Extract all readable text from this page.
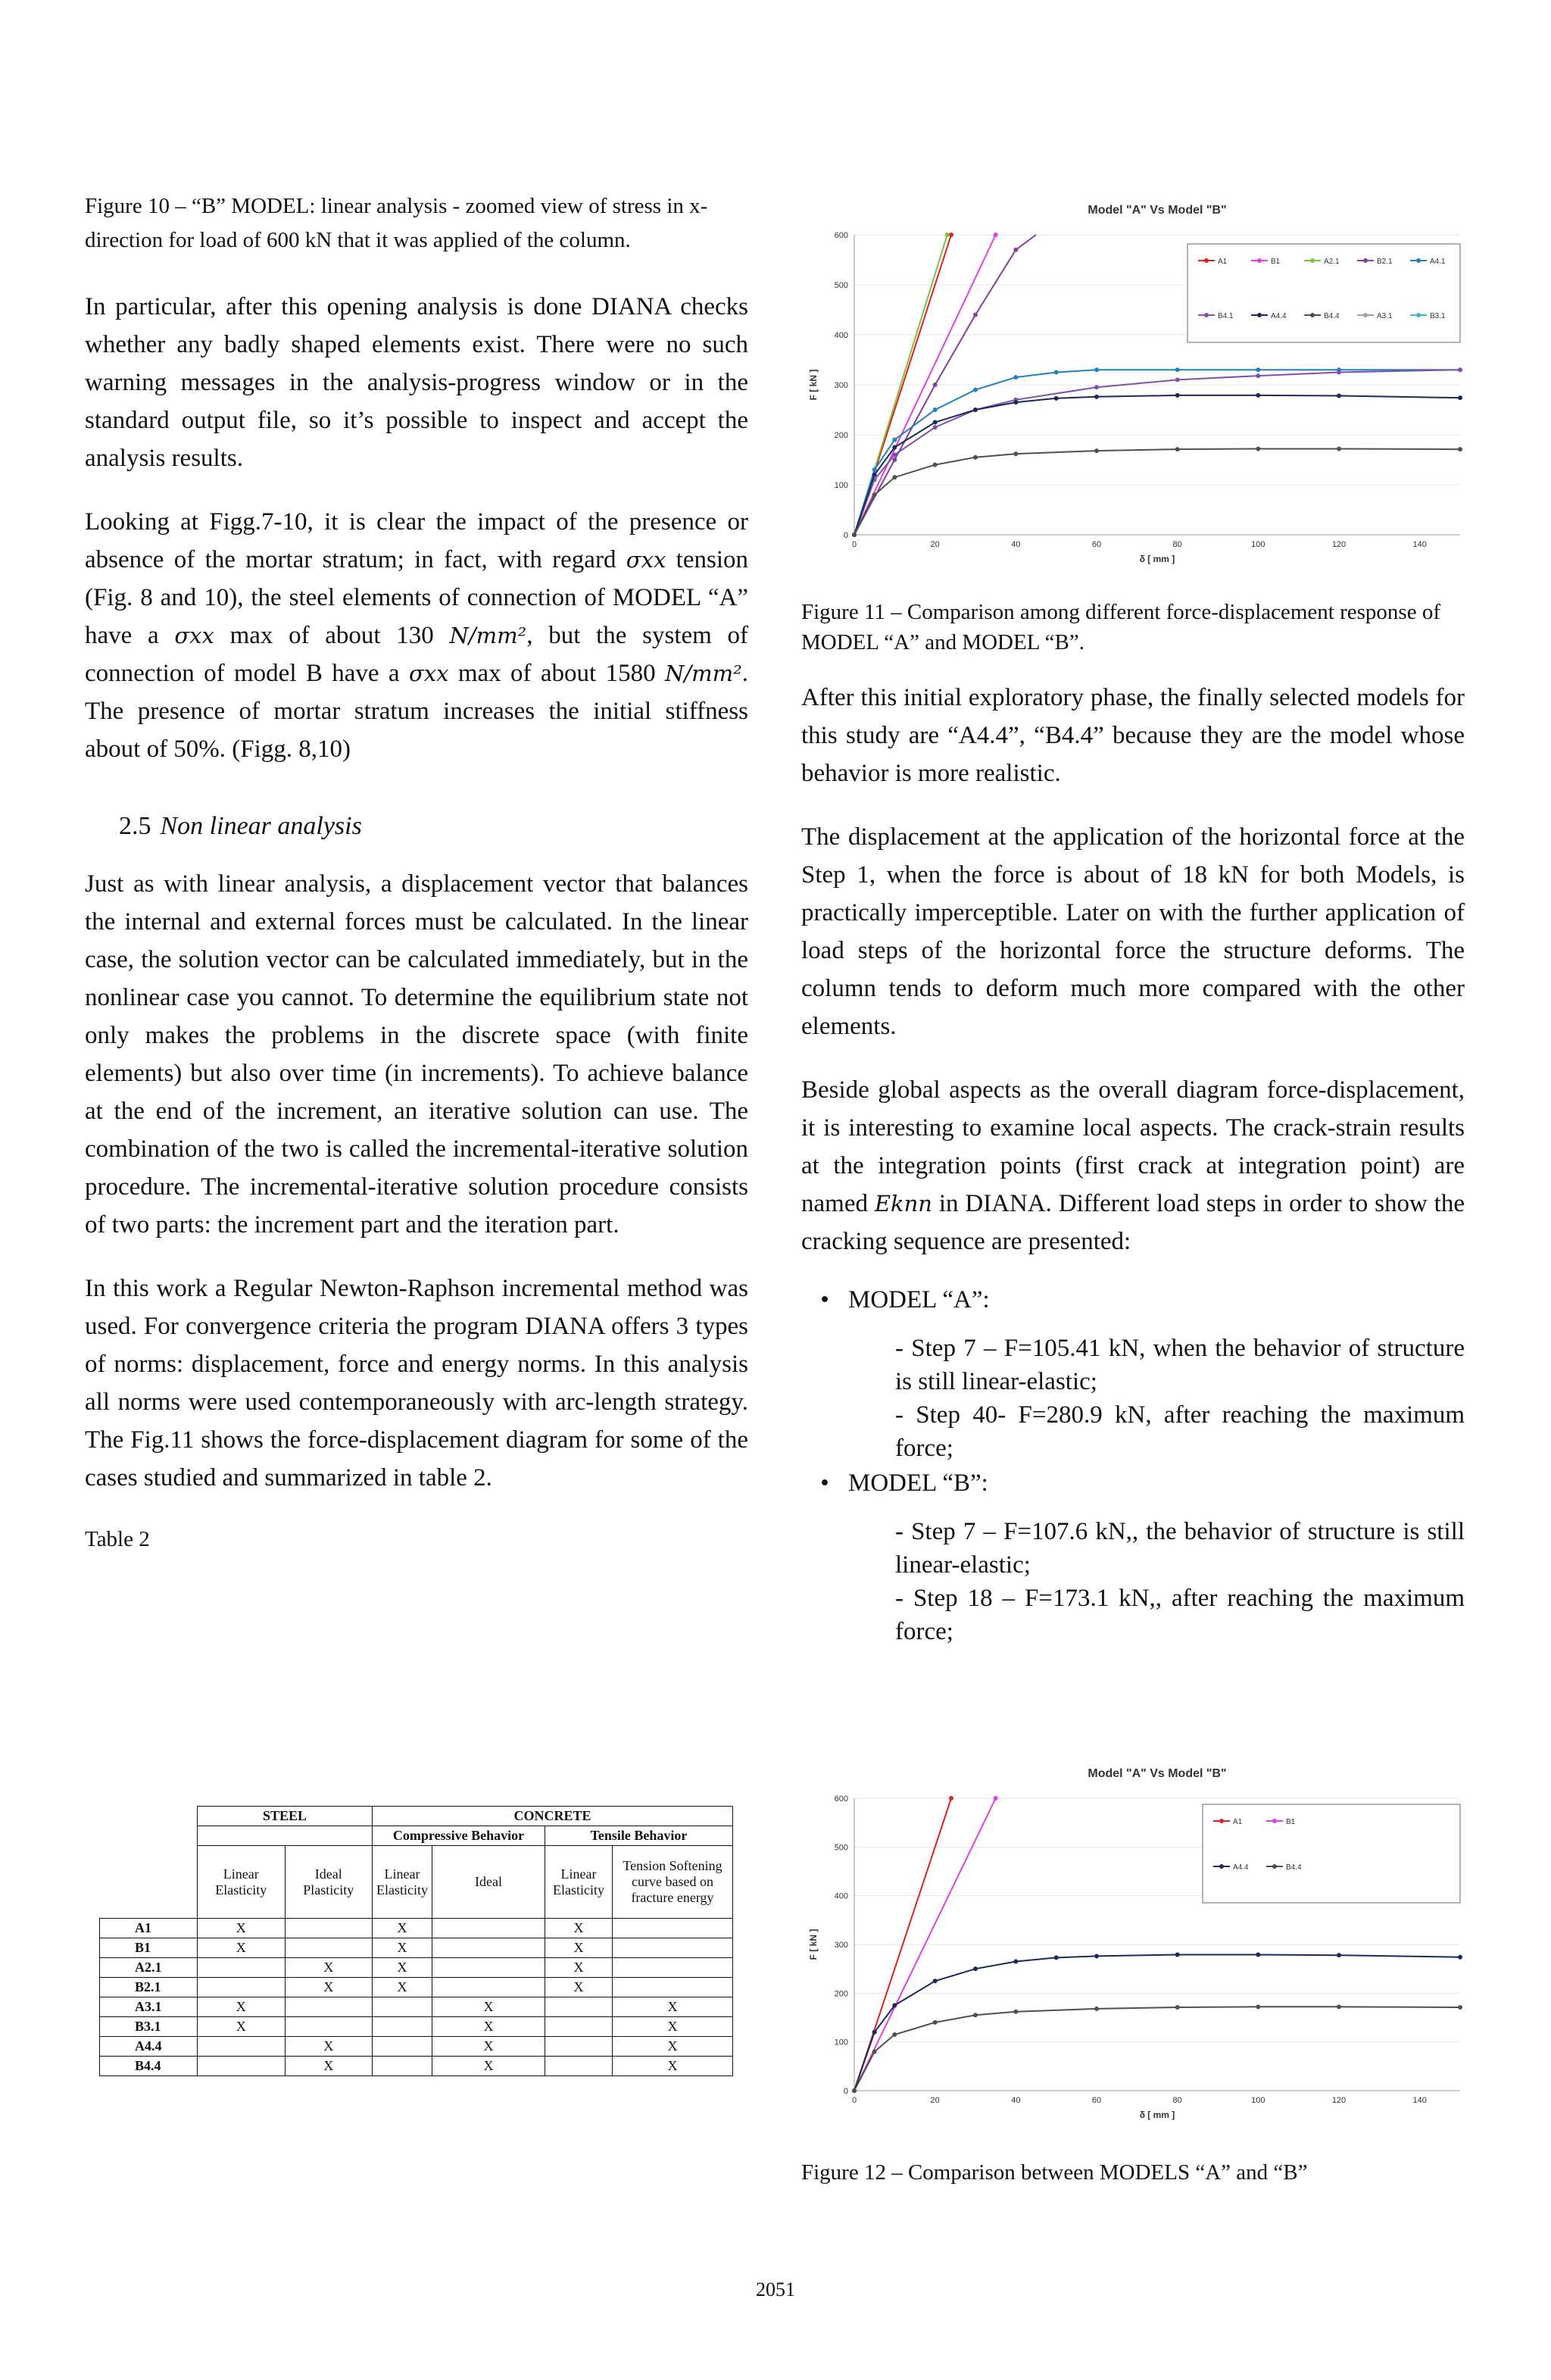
Figure 10 – “B” MODEL: linear analysis - zoomed view of stress in x-direction for load of 600 kN that it was applied of the column.

In particular, after this opening analysis is done DIANA checks whether any badly shaped elements exist. There were no such warning messages in the analysis-progress window or in the standard output file, so it’s possible to inspect and accept the analysis results.

Looking at Figg.7-10, it is clear the impact of the presence or absence of the mortar stratum; in fact, with regard σxx tension (Fig. 8 and 10), the steel elements of connection of MODEL “A” have a σxx max of about 130 N/mm², but the system of connection of model B have a σxx max of about 1580 N/mm². The presence of mortar stratum increases the initial stiffness about of 50%. (Figg. 8,10)

2.5 Non linear analysis

Just as with linear analysis, a displacement vector that balances the internal and external forces must be calculated. In the linear case, the solution vector can be calculated immediately, but in the nonlinear case you cannot. To determine the equilibrium state not only makes the problems in the discrete space (with finite elements) but also over time (in increments). To achieve balance at the end of the increment, an iterative solution can use. The combination of the two is called the incremental-iterative solution procedure. The incremental-iterative solution procedure consists of two parts: the increment part and the iteration part.

In this work a Regular Newton-Raphson incremental method was used. For convergence criteria the program DIANA offers 3 types of norms: displacement, force and energy norms. In this analysis all norms were used contemporaneously with arc-length strategy. The Fig.11 shows the force-displacement diagram for some of the cases studied and summarized in table 2.

Table 2

	STEEL		CONCRETE			
			Compressive Behavior		Tensile Behavior	
	Linear Elasticity	Ideal Plasticity	Linear Elasticity	Ideal	Linear Elasticity	Tension Softening curve based on fracture energy
A1	X		X		X	
B1	X		X		X	
A2.1		X	X		X	
B2.1		X	X		X	
A3.1	X			X		X
B3.1	X			X		X
A4.4		X		X		X
B4.4		X		X		X
Model "A" Vs Model "B"
0
100
200
300
400
500
600
0	20	40	60	80	100	120	140
δ [ mm ]
F [ kN ]
A1	B1	A2.1	B2.1	A4.1
B4.1	A4.4	B4.4	A3.1	B3.1

Figure 11 – Comparison among different force-displacement response of MODEL “A” and MODEL “B”.

After this initial exploratory phase, the finally selected models for this study are “A4.4”, “B4.4” because they are the model whose behavior is more realistic.

The displacement at the application of the horizontal force at the Step 1, when the force is about of 18 kN for both Models, is practically imperceptible. Later on with the further application of load steps of the horizontal force the structure deforms. The column tends to deform much more compared with the other elements.

Beside global aspects as the overall diagram force-displacement, it is interesting to examine local aspects. The crack-strain results at the integration points (first crack at integration point) are named Eknn in DIANA. Different load steps in order to show the cracking sequence are presented:

• MODEL “A”:
- Step 7 – F=105.41 kN, when the behavior of structure is still linear-elastic;
- Step 40- F=280.9 kN, after reaching the maximum force;
• MODEL “B”:
- Step 7 – F=107.6 kN,, the behavior of structure is still linear-elastic;
- Step 18 – F=173.1 kN,, after reaching the maximum force;
Model "A" Vs Model "B"
0
100
200
300
400
500
600
0	20	40	60	80	100	120	140
δ [ mm ]
F [ kN ]
A1	B1
A4.4	B4.4

Figure 12 – Comparison between MODELS “A” and “B”

2051
